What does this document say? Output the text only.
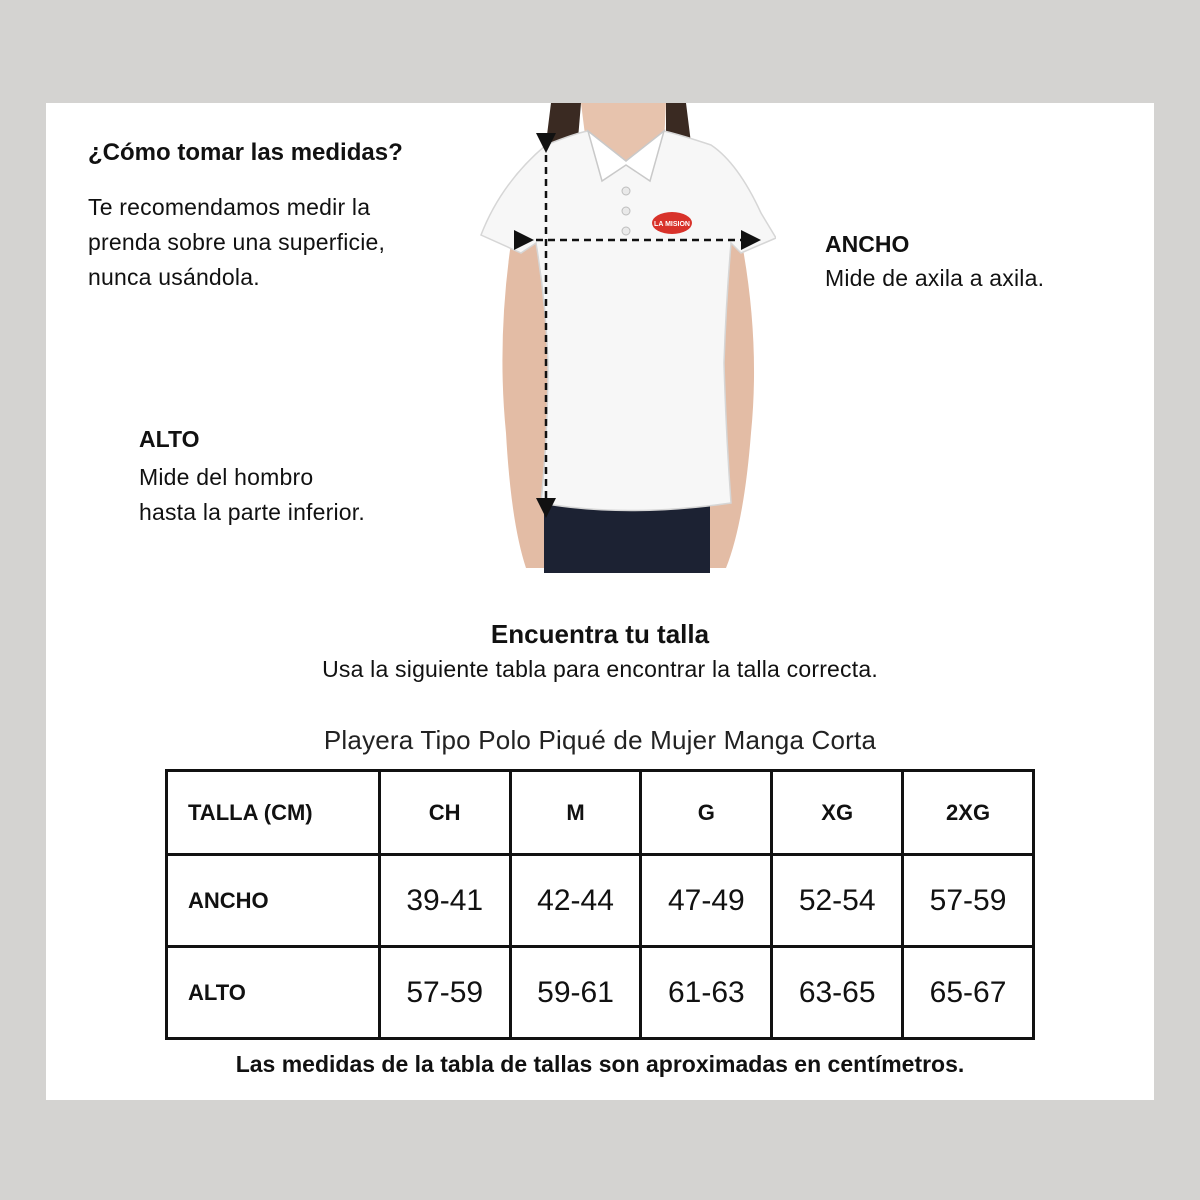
¿Cómo tomar las medidas?

Te recomendamos medir la prenda sobre una superficie, nunca usándola.

LA MISION
ANCHO
Mide de axila a axila.
ALTO
Mide del hombro
hasta la parte inferior.
Encuentra tu talla
Usa la siguiente tabla para encontrar la talla correcta.
Playera Tipo Polo Piqué de Mujer Manga Corta
TALLA (CM)	CH	M	G	XG	2XG
ANCHO	39-41	42-44	47-49	52-54	57-59
ALTO	57-59	59-61	61-63	63-65	65-67
Las medidas de la tabla de tallas son aproximadas en centímetros.
